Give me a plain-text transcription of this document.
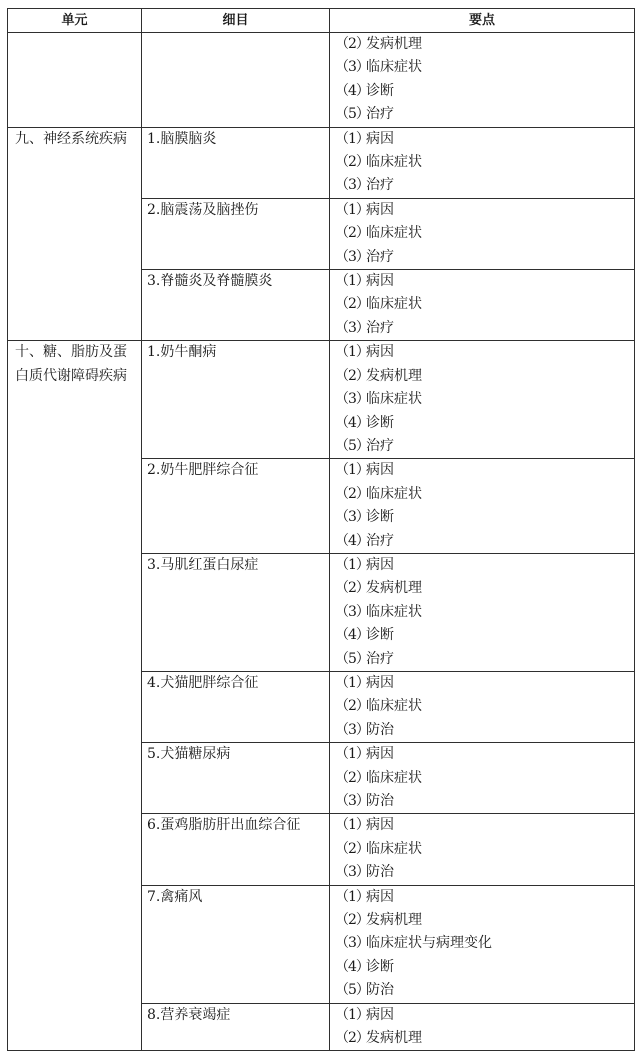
单元	细目	要点

		（2）发病机理
（3）临床症状
（4）诊断
（5）治疗

九、神经系统疾病	1.脑膜脑炎	（1）病因
（2）临床症状
（3）治疗

	2.脑震荡及脑挫伤	（1）病因
（2）临床症状
（3）治疗

	3.脊髓炎及脊髓膜炎	（1）病因
（2）临床症状
（3）治疗

十、糖、脂肪及蛋白质代谢障碍疾病	1.奶牛酮病	（1）病因
（2）发病机理
（3）临床症状
（4）诊断
（5）治疗

	2.奶牛肥胖综合征	（1）病因
（2）临床症状
（3）诊断
（4）治疗

	3.马肌红蛋白尿症	（1）病因
（2）发病机理
（3）临床症状
（4）诊断
（5）治疗

	4.犬猫肥胖综合征	（1）病因
（2）临床症状
（3）防治

	5.犬猫糖尿病	（1）病因
（2）临床症状
（3）防治

	6.蛋鸡脂肪肝出血综合征	（1）病因
（2）临床症状
（3）防治

	7.禽痛风	（1）病因
（2）发病机理
（3）临床症状与病理变化
（4）诊断
（5）防治

	8.营养衰竭症	（1）病因
（2）发病机理
